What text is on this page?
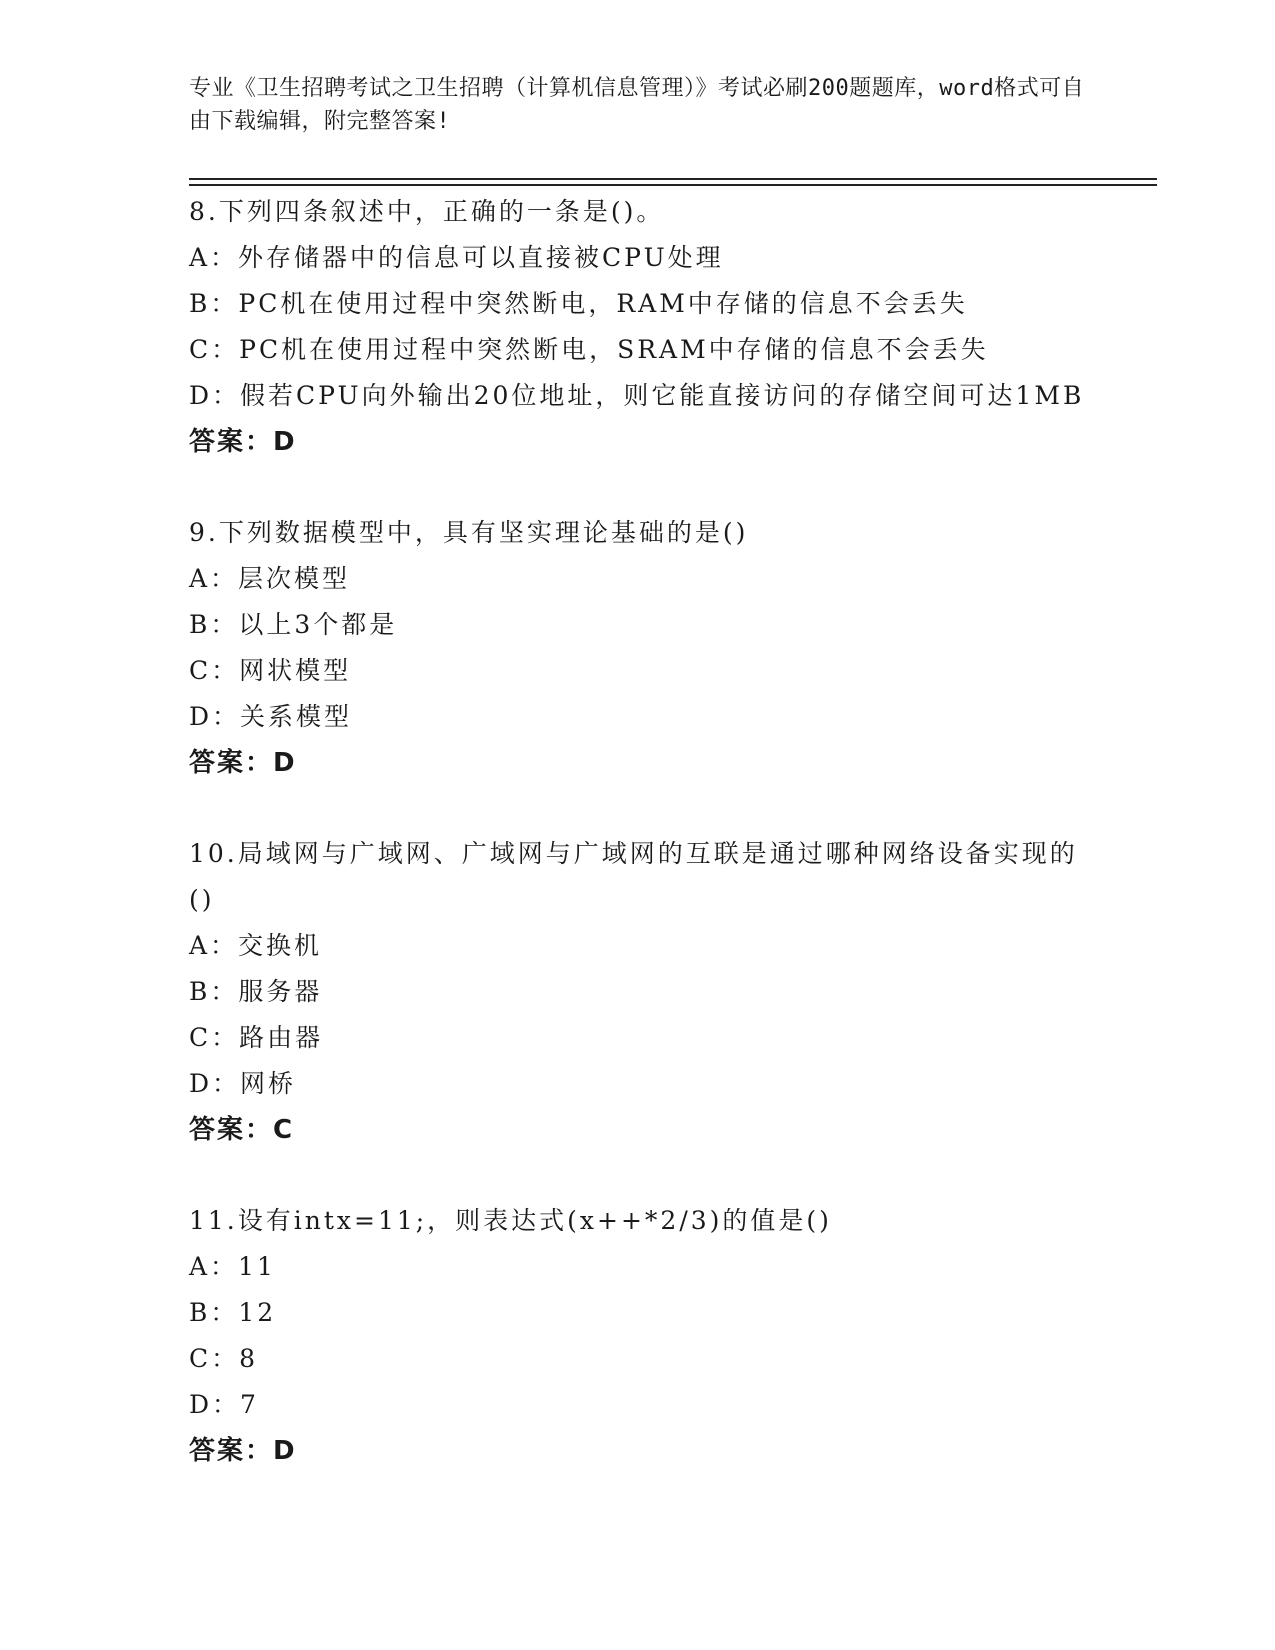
专业《卫生招聘考试之卫生招聘（计算机信息管理）》考试必刷200题题库，word格式可自由下载编辑，附完整答案!
8.下列四条叙述中，正确的一条是()。
A：外存储器中的信息可以直接被CPU处理
B：PC机在使用过程中突然断电，RAM中存储的信息不会丢失
C：PC机在使用过程中突然断电，SRAM中存储的信息不会丢失
D：假若CPU向外输出20位地址，则它能直接访问的存储空间可达1MB
答案：D
9.下列数据模型中，具有坚实理论基础的是()
A：层次模型
B：以上3个都是
C：网状模型
D：关系模型
答案：D
10.局域网与广域网、广域网与广域网的互联是通过哪种网络设备实现的()
A：交换机
B：服务器
C：路由器
D：网桥
答案：C
11.设有intx=11;，则表达式(x++*2/3)的值是()
A：11
B：12
C：8
D：7
答案：D
